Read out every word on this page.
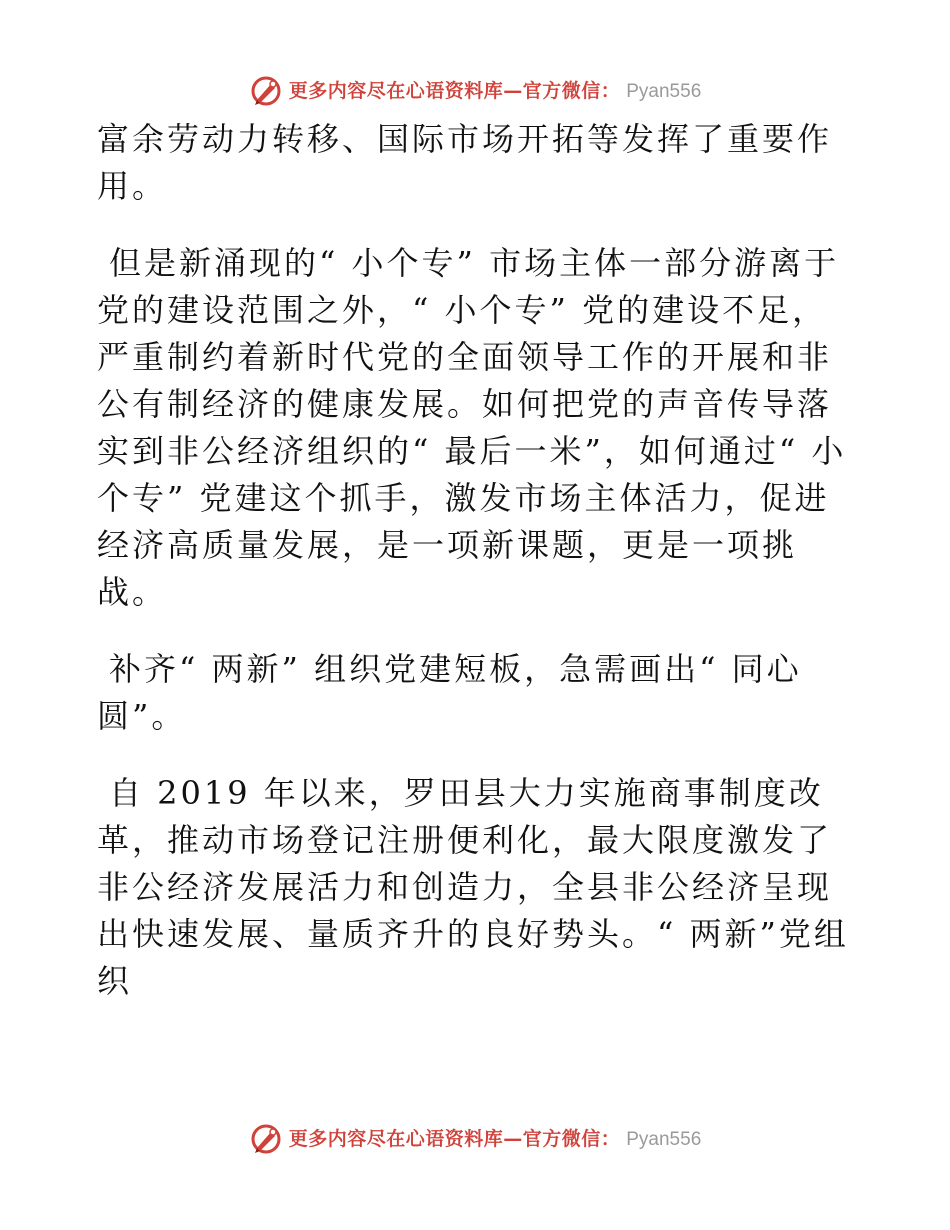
更多内容尽在心语资料库—官方微信： Pyan556

富余劳动力转移、国际市场开拓等发挥了重要作用。

但是新涌现的“ 小个专” 市场主体一部分游离于党的建设范围之外，“ 小个专” 党的建设不足，严重制约着新时代党的全面领导工作的开展和非公有制经济的健康发展。如何把党的声音传导落实到非公经济组织的“ 最后一米”，如何通过“ 小个专” 党建这个抓手，激发市场主体活力，促进经济高质量发展，是一项新课题，更是一项挑战。

补齐“ 两新” 组织党建短板，急需画出“ 同心圆”。

自 2019 年以来，罗田县大力实施商事制度改革，推动市场登记注册便利化，最大限度激发了非公经济发展活力和创造力，全县非公经济呈现出快速发展、量质齐升的良好势头。“ 两新”党组织

更多内容尽在心语资料库—官方微信： Pyan556
